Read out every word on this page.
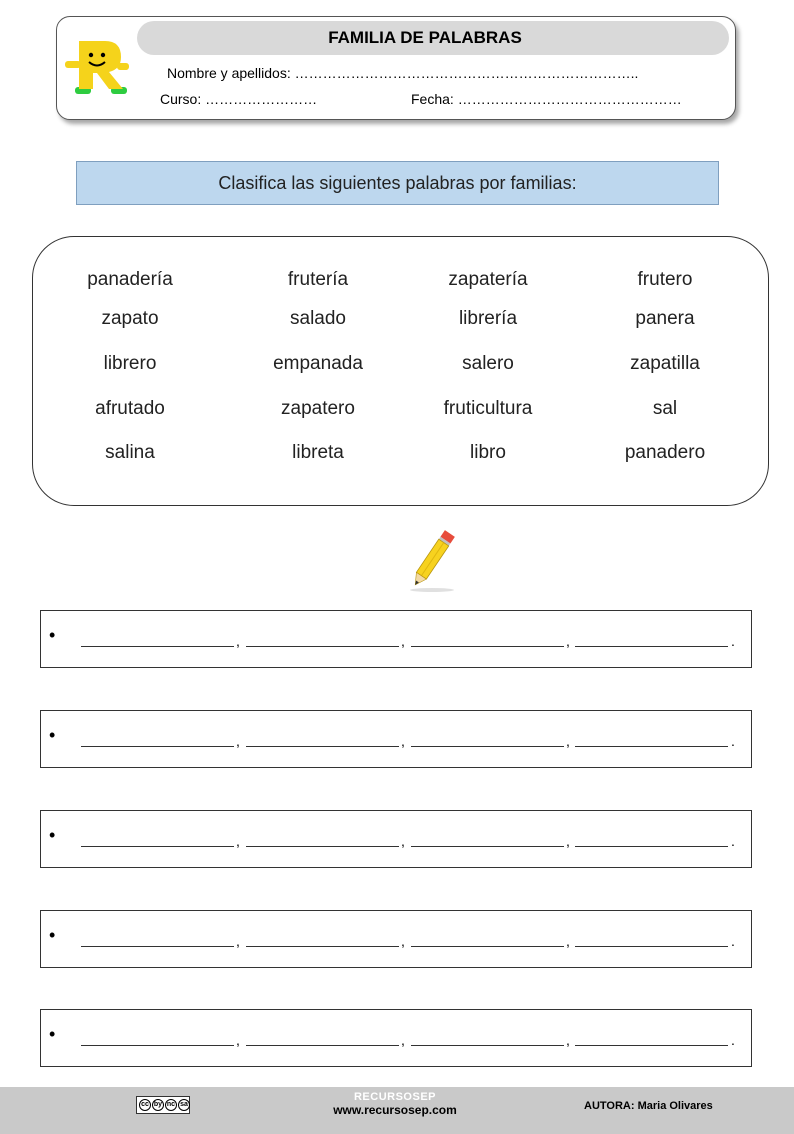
FAMILIA DE PALABRAS
Nombre y apellidos: ………………………………………………………………..
Curso: ……………………	Fecha: …………………………………………
Clasifica las siguientes palabras por familias:
panadería	frutería	zapatería	frutero
zapato	salado	librería	panera
librero	empanada	salero	zapatilla
afrutado	zapatero	fruticultura	sal
salina	libreta	libro	panadero
•	,	,	,	.
•	,	,	,	.
•	,	,	,	.
•	,	,	,	.
•	,	,	,	.
cc by nc sa
RECURSOSEP
www.recursosep.com	AUTORA: Maria Olivares
